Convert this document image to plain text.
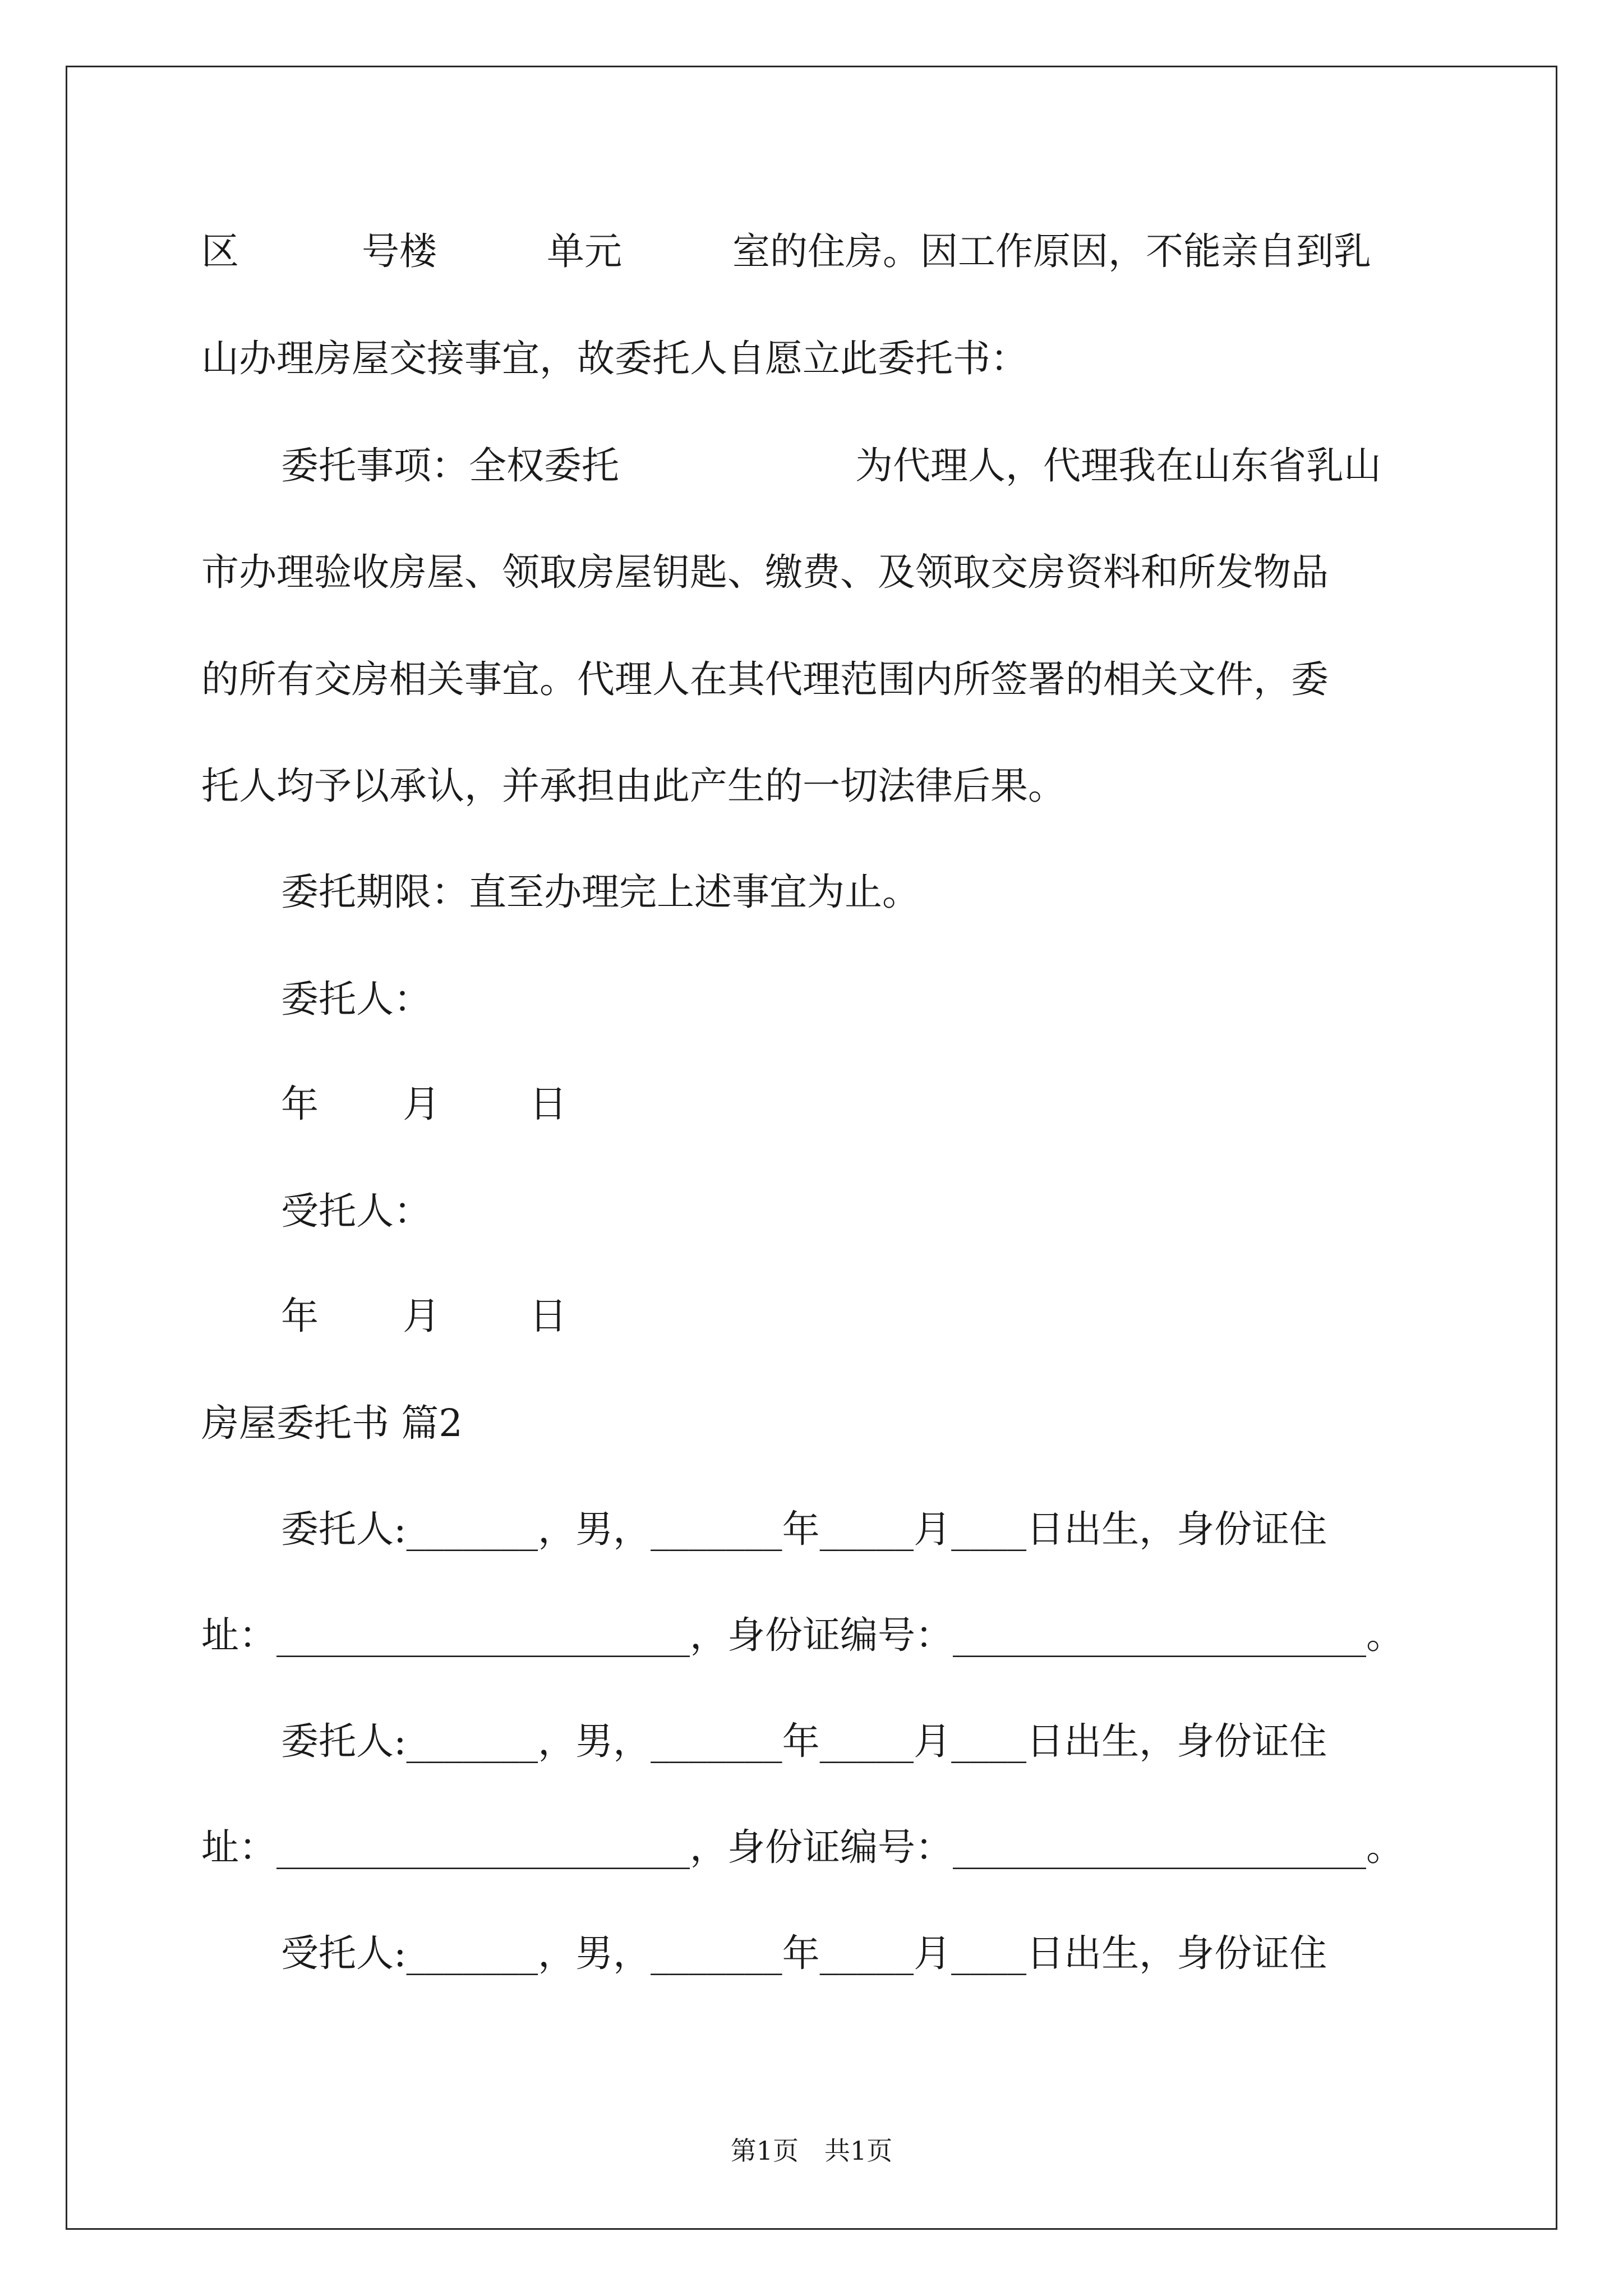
区

	号楼

	单元

	室的住房。因工作原因，不能亲自到乳

山办理房屋交接事宜，故委托人自愿立此委托书：

委托事项：全权委托

	为代理人，代理我在山东省乳山

市办理验收房屋、领取房屋钥匙、缴费、及领取交房资料和所发物品

的所有交房相关事宜。代理人在其代理范围内所签署的相关文件，委

托人均予以承认，并承担由此产生的一切法律后果。

委托期限：直至办理完上述事宜为止。

委托人：

年

月

日

受托人：

年

月

日

房屋委托书 篇2

委托人:_______，男，_______年_____月____日出生，身份证住

址：______________________，身份证编号：______________________。

委托人:_______，男，_______年_____月____日出生，身份证住

址：______________________，身份证编号：______________________。

受托人:_______，男，_______年_____月____日出生，身份证住

第1页　共1页
